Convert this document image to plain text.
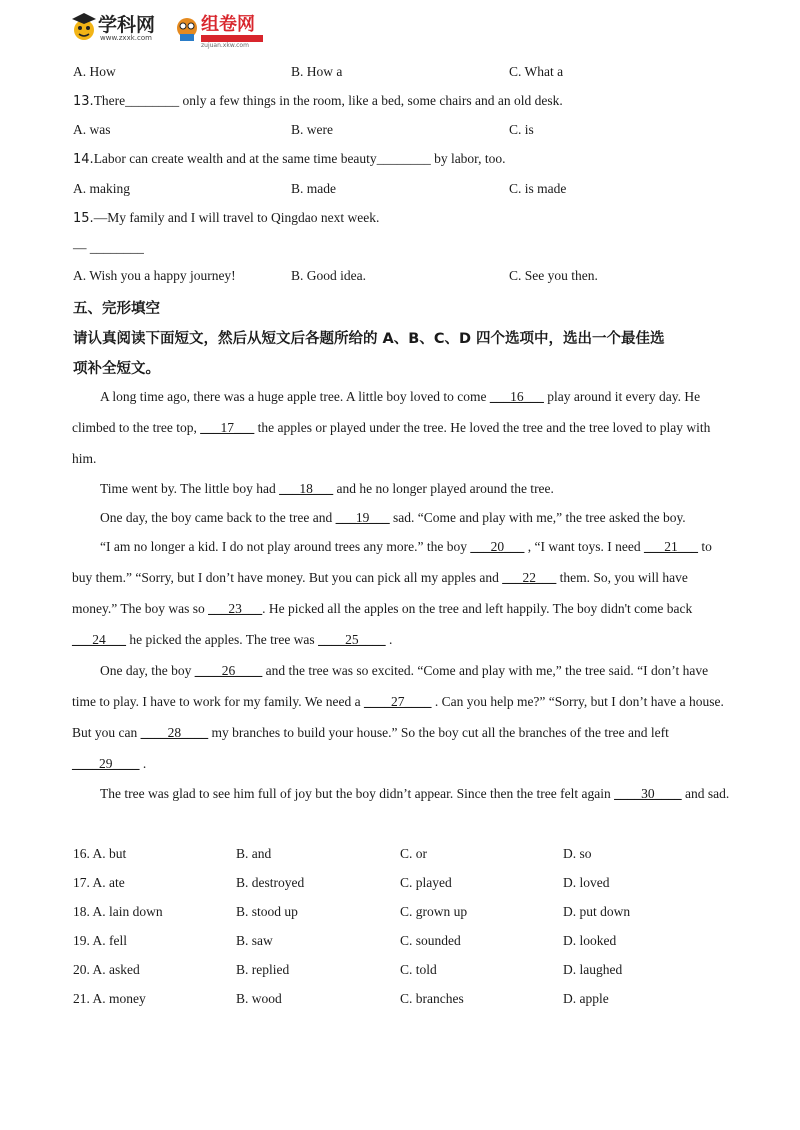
学科网
www.zxxk.com
组卷网
zujuan.xkw.com
A. How	B. How a	C. What a
13.There________ only a few things in the room, like a bed, some chairs and an old desk.
A. was	B. were	C. is
14.Labor can create wealth and at the same time beauty________ by labor, too.
A. making	B. made	C. is made
15.—My family and I will travel to Qingdao next week.
— ________
A. Wish you a happy journey!	B. Good idea.	C. See you then.
五、完形填空
请认真阅读下面短文，然后从短文后各题所给的 A、B、C、D 四个选项中，选出一个最佳选
项补全短文。
A long time ago, there was a huge apple tree. A little boy loved to come ___16___ play around it every day. He climbed to the tree top, ___17___ the apples or played under the tree. He loved the tree and the tree loved to play with him.
Time went by. The little boy had ___18___ and he no longer played around the tree.
One day, the boy came back to the tree and ___19___ sad. “Come and play with me,” the tree asked the boy.
“I am no longer a kid. I do not play around trees any more.” the boy ___20___ , “I want toys. I need ___21___ to buy them.” “Sorry, but I don’t have money. But you can pick all my apples and ___22___ them. So, you will have money.” The boy was so ___23___. He picked all the apples on the tree and left happily. The boy didn't come back ___24___ he picked the apples. The tree was ____25____ .
One day, the boy ____26____ and the tree was so excited. “Come and play with me,” the tree said. “I don’t have time to play. I have to work for my family. We need a ____27____ . Can you help me?” “Sorry, but I don’t have a house. But you can ____28____ my branches to build your house.” So the boy cut all the branches of the tree and left ____29____ .
The tree was glad to see him full of joy but the boy didn’t appear. Since then the tree felt again ____30____ and sad.
16. A. but	B. and	C. or	D. so
17. A. ate	B. destroyed	C. played	D. loved
18. A. lain down	B. stood up	C. grown up	D. put down
19. A. fell	B. saw	C. sounded	D. looked
20. A. asked	B. replied	C. told	D. laughed
21. A. money	B. wood	C. branches	D. apple
